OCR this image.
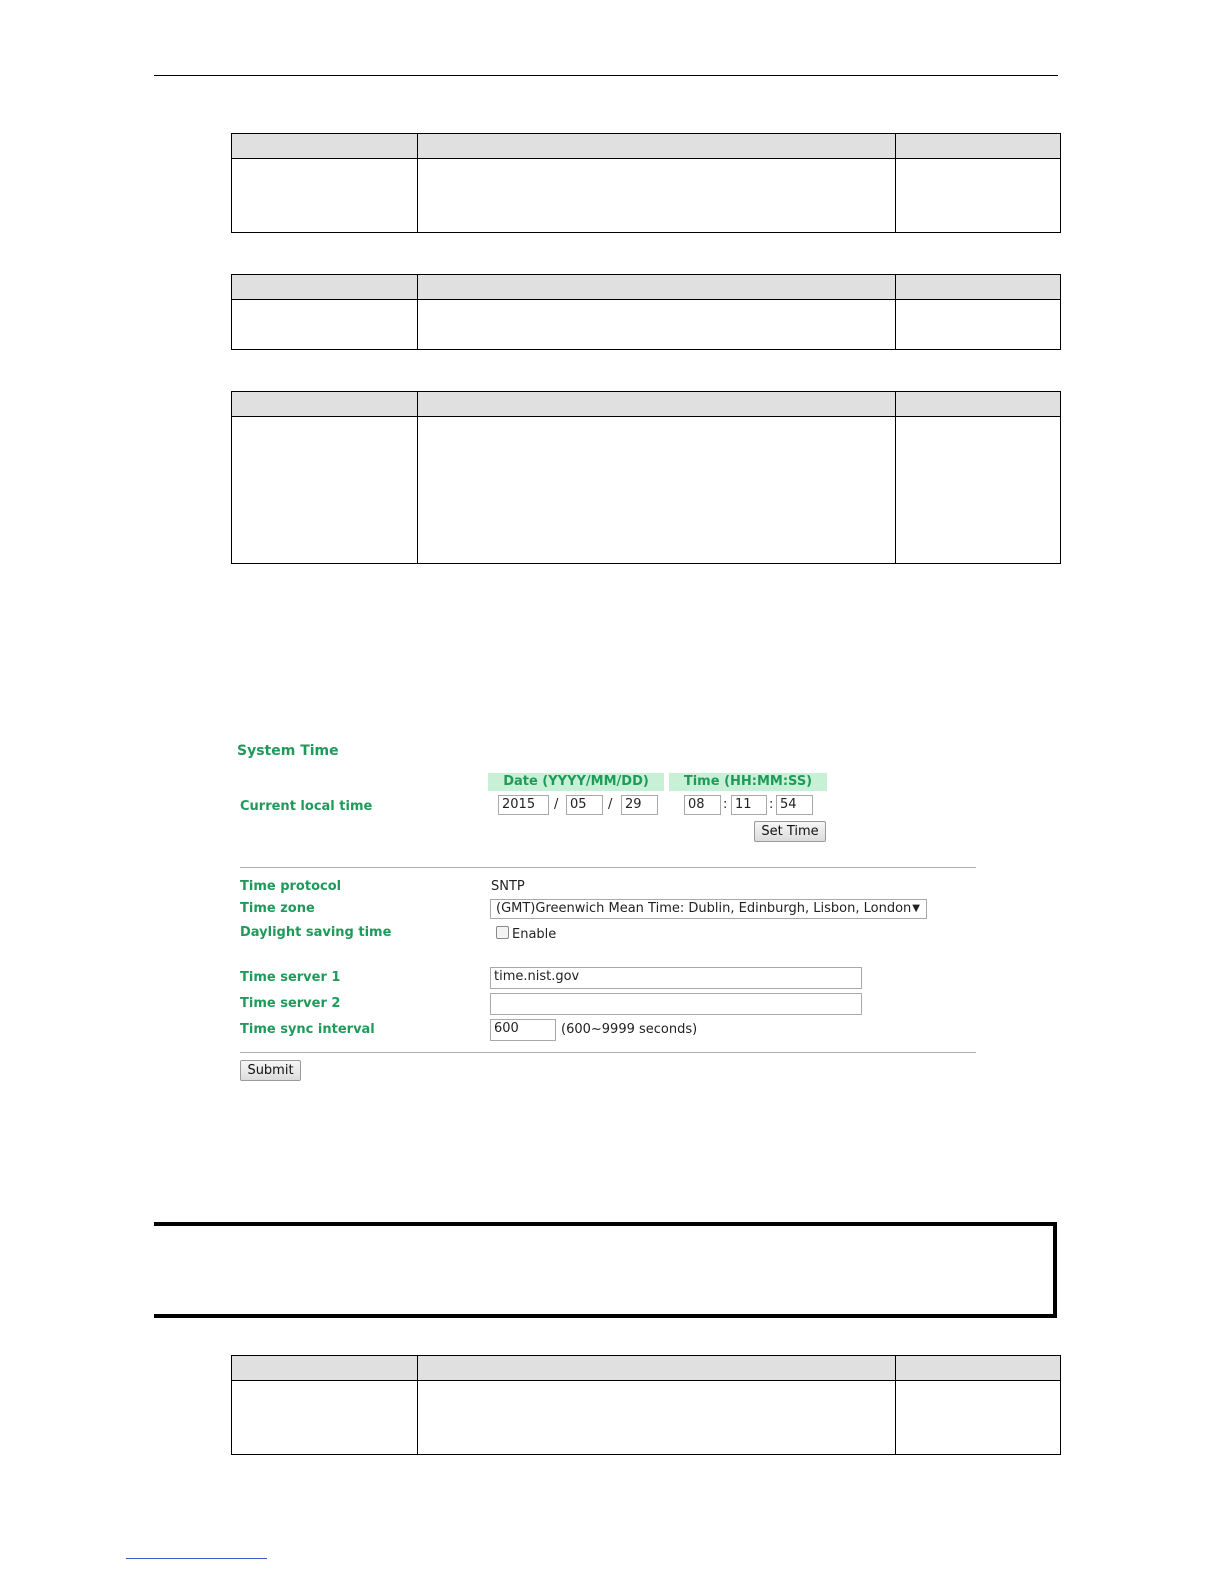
System Time
Date (YYYY/MM/DD)	Time (HH:MM:SS)
Current local time	2015	/ 05	/ 29	08	: 11	: 54
Set Time
Time protocol	SNTP
Time zone	(GMT)Greenwich Mean Time: Dublin, Edinburgh, Lisbon, London ▼
Daylight saving time	Enable
Time server 1	time.nist.gov
Time server 2
Time sync interval	600	(600~9999 seconds)
Submit
